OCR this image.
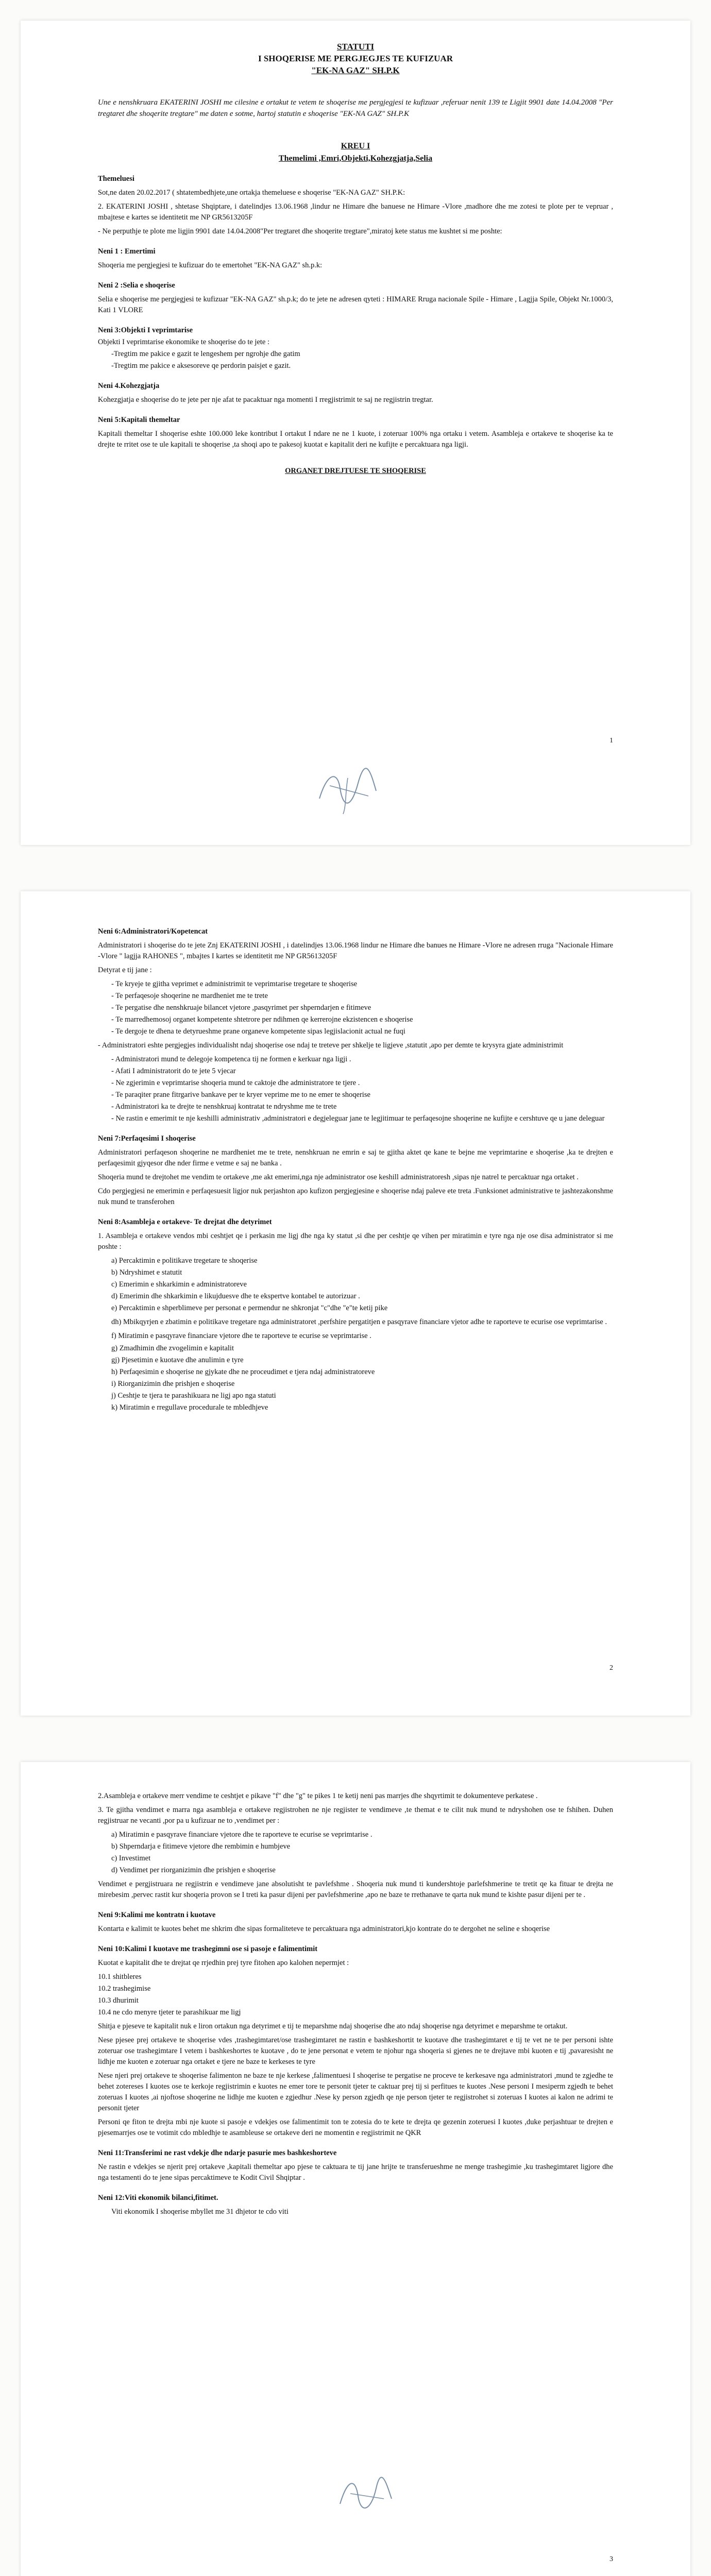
STATUTI
I SHOQERISE ME PERGJEGJES TE KUFIZUAR
"EK-NA GAZ" SH.P.K

Une e nenshkruara EKATERINI JOSHI me cilesine e ortakut te vetem te shoqerise me pergjegjesi te kufizuar ,referuar nenit 139 te Ligjit 9901 date 14.04.2008 "Per tregtaret dhe shoqerite tregtare" me daten e sotme, hartoj statutin e shoqerise "EK-NA GAZ" SH.P.K

KREU I
Themelimi ,Emri,Objekti,Kohezgjatja,Selia
Themeluesi

Sot,ne daten 20.02.2017 ( shtatembedhjete,une ortakja themeluese e shoqerise "EK-NA GAZ" SH.P.K:

2. EKATERINI JOSHI , shtetase Shqiptare, i datelindjes 13.06.1968 ,lindur ne Himare dhe banuese ne Himare -Vlore ,madhore dhe me zotesi te plote per te vepruar , mbajtese e kartes se identitetit me NP GR5613205F

- Ne perputhje te plote me ligjin 9901 date 14.04.2008"Per tregtaret dhe shoqerite tregtare",miratoj kete status me kushtet si me poshte:

Neni 1 : Emertimi

Shoqeria me pergjegjesi te kufizuar do te emertohet "EK-NA GAZ" sh.p.k:

Neni 2 :Selia e shoqerise

Selia e shoqerise me pergjegjesi te kufizuar "EK-NA GAZ" sh.p.k; do te jete ne adresen qyteti : HIMARE Rruga nacionale Spile - Himare , Lagjja Spile, Objekt Nr.1000/3, Kati 1 VLORE

Neni 3:Objekti I veprimtarise
Objekti I veprimtarise ekonomike te shoqerise do te jete :
-Tregtim me pakice e gazit te lengeshem per ngrohje dhe gatim
-Tregtim me pakice e aksesoreve qe perdorin paisjet e gazit.
Neni 4.Kohezgjatja

Kohezgjatja e shoqerise do te jete per nje afat te pacaktuar nga momenti I rregjistrimit te saj ne regjistrin tregtar.

Neni 5:Kapitali themeltar

Kapitali themeltar I shoqerise eshte 100.000 leke kontribut I ortakut I ndare ne ne 1 kuote, i zoteruar 100% nga ortaku i vetem. Asambleja e ortakeve te shoqerise ka te drejte te rritet ose te ule kapitali te shoqerise ,ta shoqi apo te pakesoj kuotat e kapitalit deri ne kufijte e percaktuara nga ligji.

ORGANET DREJTUESE TE SHOQERISE
1
Neni 6:Administratori/Kopetencat

Administratori i shoqerise do te jete Znj EKATERINI JOSHI , i datelindjes 13.06.1968 lindur ne Himare dhe banues ne Himare -Vlore ne adresen rruga "Nacionale Himare -Vlore " lagjja RAHONES ", mbajtes I kartes se identitetit me NP GR5613205F

Detyrat e tij jane :

- Te kryeje te gjitha veprimet e administrimit te veprimtarise tregetare te shoqerise
- Te perfaqesoje shoqerine ne mardheniet me te trete
- Te pergatise dhe nenshkruaje bilancet vjetore ,pasqyrimet per shperndarjen e fitimeve
- Te marredhemosoj organet kompetente shtetrore per ndihmen qe kerrerojne ekzistencen e shoqerise
- Te dergoje te dhena te detyrueshme prane organeve kompetente sipas legjislacionit actual ne fuqi

- Administratori eshte pergjegjes individualisht ndaj shoqerise ose ndaj te treteve per shkelje te ligjeve ,statutit ,apo per demte te krysyra gjate administrimit

- Administratori mund te delegoje kompetenca tij ne formen e kerkuar nga ligji .
- Afati I administratorit do te jete 5 vjecar
- Ne zgjerimin e veprimtarise shoqeria mund te caktoje dhe administratore te tjere .
- Te paraqiter prane fitrgarive bankave per te kryer veprime me to ne emer te shoqerise
- Administratori ka te drejte te nenshkruaj kontratat te ndryshme me te trete
- Ne rastin e emerimit te nje keshilli administrativ ,administratori e degjeleguar jane te legjitimuar te perfaqesojne shoqerine ne kufijte e cershtuve qe u jane deleguar
Neni 7:Perfaqesimi I shoqerise

Administratori perfaqeson shoqerine ne mardheniet me te trete, nenshkruan ne emrin e saj te gjitha aktet qe kane te bejne me veprimtarine e shoqerise ,ka te drejten e perfaqesimit gjyqesor dhe nder firme e vetme e saj ne banka .

Shoqeria mund te drejtohet me vendim te ortakeve ,me akt emerimi,nga nje administrator ose keshill administratoresh ,sipas nje natrel te percaktuar nga ortaket .

Cdo pergjegjesi ne emerimin e perfaqesuesit ligjor nuk perjashton apo kufizon pergjegjesine e shoqerise ndaj paleve ete treta .Funksionet administrative te jashtezakonshme nuk mund te transferohen

Neni 8:Asambleja e ortakeve- Te drejtat dhe detyrimet

1. Asambleja e ortakeve vendos mbi ceshtjet qe i perkasin me ligj dhe nga ky statut ,si dhe per ceshtje qe vihen per miratimin e tyre nga nje ose disa administrator si me poshte :

a) Percaktimin e politikave tregetare te shoqerise
b) Ndryshimet e statutit
c) Emerimin e shkarkimin e administratoreve
d) Emerimin dhe shkarkimin e likujduesve dhe te ekspertve kontabel te autorizuar .
e) Percaktimin e shperblimeve per personat e permendur ne shkronjat "c"dhe "e"te ketij pike

dh) Mbikqyrjen e zbatimin e politikave tregetare nga administratoret ,perfshire pergatitjen e pasqyrave financiare vjetor adhe te raporteve te ecurise ose veprimtarise .

f) Miratimin e pasqyrave financiare vjetore dhe te raporteve te ecurise se veprimtarise .
g) Zmadhimin dhe zvogelimin e kapitalit
gj) Pjesetimin e kuotave dhe anulimin e tyre
h) Perfaqesimin e shoqerise ne gjykate dhe ne proceudimet e tjera ndaj administratoreve
i) Riorganizimin dhe prishjen e shoqerise
j) Ceshtje te tjera te parashikuara ne ligj apo nga statuti
k) Miratimin e rregullave procedurale te mbledhjeve
2

2.Asambleja e ortakeve merr vendime te ceshtjet e pikave "f" dhe "g" te pikes 1 te ketij neni pas marrjes dhe shqyrtimit te dokumenteve perkatese .

3. Te gjitha vendimet e marra nga asambleja e ortakeve regjistrohen ne nje regjister te vendimeve ,te themat e te cilit nuk mund te ndryshohen ose te fshihen. Duhen regjistruar ne vecanti ,por pa u kufizuar ne to ,vendimet per :

a) Miratimin e pasqyrave financiare vjetore dhe te raporteve te ecurise se veprimtarise .
b) Shperndarja e fitimeve vjetore dhe rembimin e humbjeve
c) Investimet
d) Vendimet per riorganizimin dhe prishjen e shoqerise

Vendimet e pergjistruara ne regjistrin e vendimeve jane absolutisht te pavlefshme . Shoqeria nuk mund ti kundershtoje parlefshmerine te tretit qe ka fituar te drejta ne mirebesim ,pervec rastit kur shoqeria provon se I treti ka pasur dijeni per pavlefshmerine ,apo ne baze te rrethanave te qarta nuk mund te kishte pasur dijeni per te .

Neni 9:Kalimi me kontratn i kuotave

Kontarta e kalimit te kuotes behet me shkrim dhe sipas formaliteteve te percaktuara nga administratori,kjo kontrate do te dergohet ne seline e shoqerise

Neni 10:Kalimi I kuotave me trashegimni ose si pasoje e falimentimit

Kuotat e kapitalit dhe te drejtat qe rrjedhin prej tyre fitohen apo kalohen nepermjet :

10.1 shitbleres
10.2 trashegimise
10.3 dhurimit
10.4 ne cdo menyre tjeter te parashikuar me ligj

Shitja e pjeseve te kapitalit nuk e liron ortakun nga detyrimet e tij te meparshme ndaj shoqerise dhe ato ndaj shoqerise nga detyrimet e meparshme te ortakut.

Nese pjesee prej ortakeve te shoqerise vdes ,trashegimtaret/ose trashegimtaret ne rastin e bashkeshortit te kuotave dhe trashegimtaret e tij te vet ne te per personi ishte zoteruar ose trashegimtare I vetem i bashkeshortes te kuotave , do te jene personat e vetem te njohur nga shoqeria si gjenes ne te drejtave mbi kuoten e tij ,pavaresisht ne lidhje me kuoten e zoteruar nga ortaket e tjere ne baze te kerkeses te tyre

Nese njeri prej ortakeve te shoqerise falimenton ne baze te nje kerkese ,falimentuesi I shoqerise te pergatise ne proceve te kerkesave nga administratori ,mund te zgjedhe te behet zotereses I kuotes ose te kerkoje regjistrimin e kuotes ne emer tore te personit tjeter te caktuar prej tij si perfitues te kuotes .Nese personi I mesiperm zgjedh te behet zoteruas I kuotes ,ai njoftose shoqerine ne lidhje me kuoten e zgjedhur .Nese ky person zgjedh qe nje person tjeter te regjistrohet si zoteruas I kuotes ai kalon ne adrimi te personit tjeter

Personi qe fiton te drejta mbi nje kuote si pasoje e vdekjes ose falimentimit ton te zotesia do te kete te drejta qe gezenin zoteruesi I kuotes ,duke perjashtuar te drejten e pjesemarrjes ose te votimit cdo mbledhje te asambleuse se ortakeve deri ne momentin e regjistrimit ne QKR

Neni 11:Transferimi ne rast vdekje dhe ndarje pasurie mes bashkeshorteve

Ne rastin e vdekjes se njerit prej ortakeve ,kapitali themeltar apo pjese te caktuara te tij jane hrijte te transferueshme ne menge trashegimie ,ku trashegimtaret ligjore dhe nga testamenti do te jene sipas percaktimeve te Kodit Civil Shqiptar .

Neni 12:Viti ekonomik bilanci,fitimet.

Viti ekonomik I shoqerise mbyllet me 31 dhjetor te cdo viti

3
